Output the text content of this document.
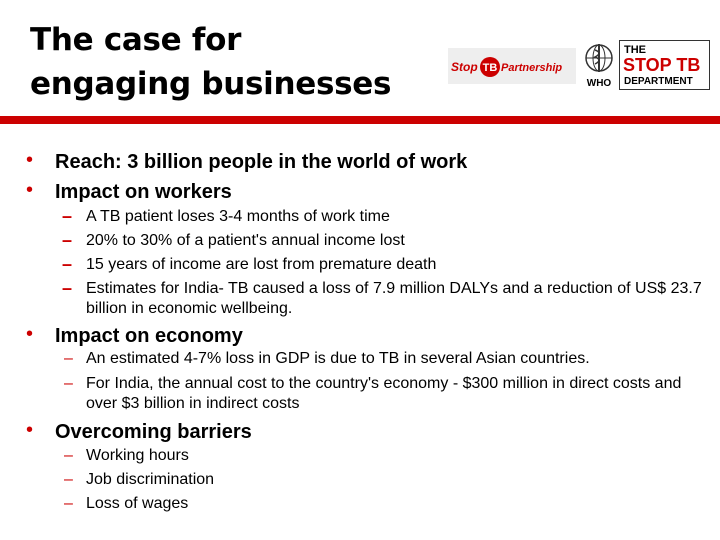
The case for
engaging businesses	Stop TB Partnership
WHO
THE
STOP TB
DEPARTMENT
• Reach: 3 billion people in the world of work
• Impact on workers
– A TB patient loses 3-4 months of work time
– 20% to 30% of a patient's annual income lost
– 15 years of income are lost from premature death
– Estimates for India- TB caused a loss of 7.9 million DALYs and a reduction of US$ 23.7 billion in economic wellbeing.
• Impact on economy
– An estimated 4-7% loss in GDP is due to TB in several Asian countries.
– For India, the annual cost to the country's economy - $300 million in direct costs and over $3 billion in indirect costs
• Overcoming barriers
– Working hours
– Job discrimination
– Loss of wages
